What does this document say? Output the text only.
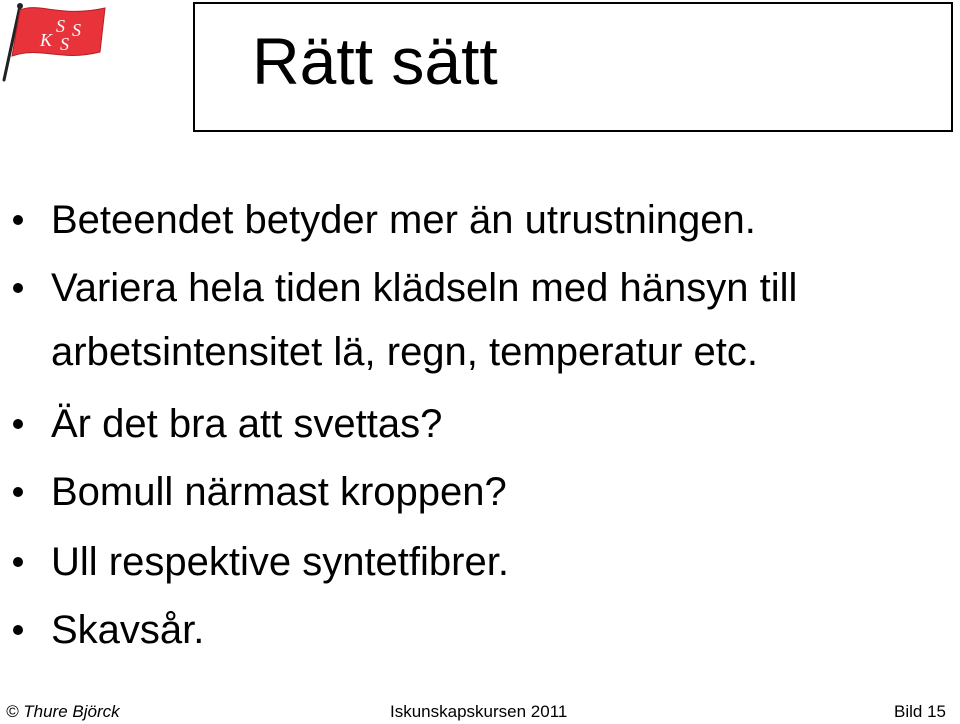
S S
K S	Rätt sätt
Beteendet betyder mer än utrustningen.
Variera hela tiden klädseln med hänsyn till
arbetsintensitet lä, regn, temperatur etc.
Är det bra att svettas?
Bomull närmast kroppen?
Ull respektive syntetfibrer.
Skavsår.
© Thure Björck	Iskunskapskursen 2011	Bild 15
